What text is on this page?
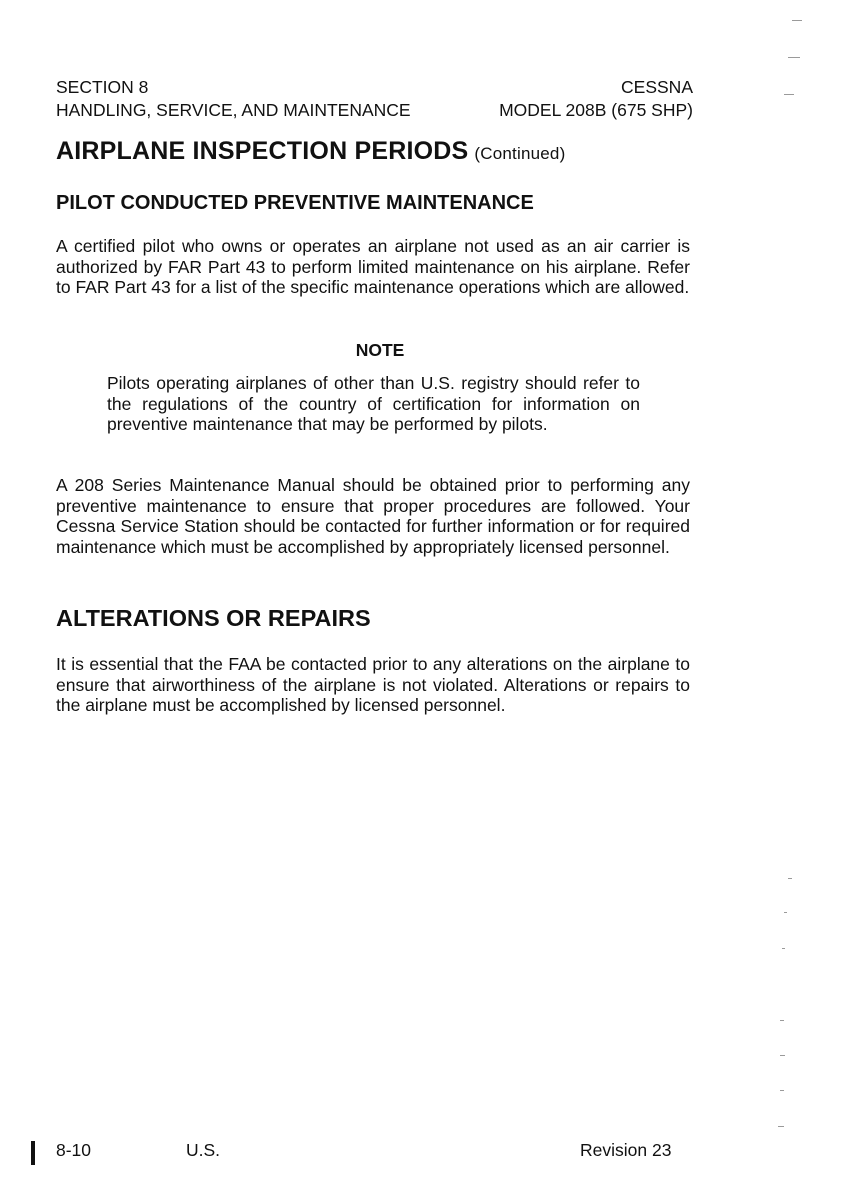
SECTION 8	CESSNA
HANDLING, SERVICE, AND MAINTENANCE	MODEL 208B (675 SHP)
AIRPLANE INSPECTION PERIODS (Continued)
PILOT CONDUCTED PREVENTIVE MAINTENANCE

A certified pilot who owns or operates an airplane not used as an air carrier is authorized by FAR Part 43 to perform limited maintenance on his airplane. Refer to FAR Part 43 for a list of the specific maintenance operations which are allowed.

NOTE

Pilots operating airplanes of other than U.S. registry should refer to the regulations of the country of certification for information on preventive maintenance that may be performed by pilots.

A 208 Series Maintenance Manual should be obtained prior to performing any preventive maintenance to ensure that proper procedures are followed. Your Cessna Service Station should be contacted for further information or for required maintenance which must be accomplished by appropriately licensed personnel.

ALTERATIONS OR REPAIRS

It is essential that the FAA be contacted prior to any alterations on the airplane to ensure that airworthiness of the airplane is not violated. Alterations or repairs to the airplane must be accomplished by licensed personnel.

8-10	U.S.	Revision 23
